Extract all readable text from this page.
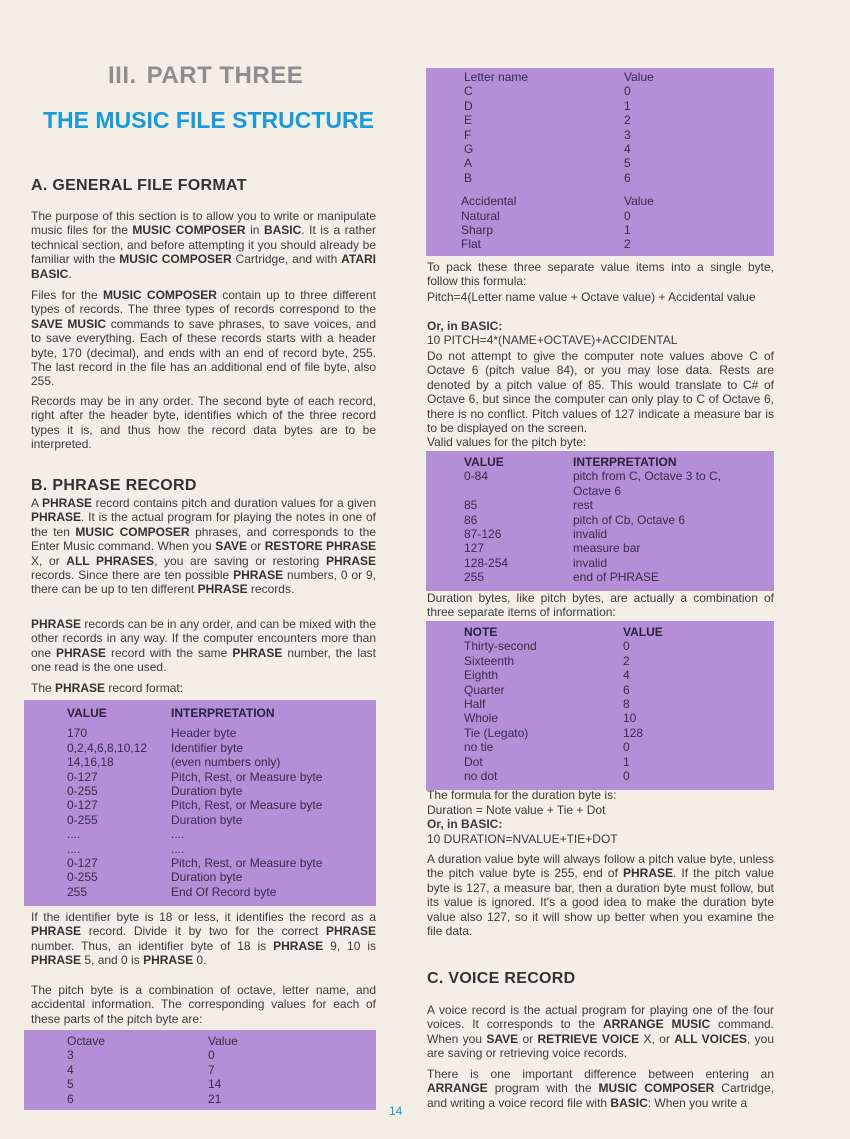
III. PART THREE
THE MUSIC FILE STRUCTURE
A. GENERAL FILE FORMAT

The purpose of this section is to allow you to write or manipulate music files for the MUSIC COMPOSER in BASIC. It is a rather technical section, and before attempting it you should already be familiar with the MUSIC COMPOSER Cartridge, and with ATARI BASIC.

Files for the MUSIC COMPOSER contain up to three different types of records. The three types of records correspond to the SAVE MUSIC commands to save phrases, to save voices, and to save everything. Each of these records starts with a header byte, 170 (decimal), and ends with an end of record byte, 255. The last record in the file has an additional end of file byte, also 255.

Records may be in any order. The second byte of each record, right after the header byte, identifies which of the three record types it is, and thus how the record data bytes are to be interpreted.

B. PHRASE RECORD

A PHRASE record contains pitch and duration values for a given PHRASE. It is the actual program for playing the notes in one of the ten MUSIC COMPOSER phrases, and corresponds to the Enter Music command. When you SAVE or RESTORE PHRASE X, or ALL PHRASES, you are saving or restoring PHRASE records. Since there are ten possible PHRASE numbers, 0 or 9, there can be up to ten different PHRASE records.

PHRASE records can be in any order, and can be mixed with the other records in any way. If the computer encounters more than one PHRASE record with the same PHRASE number, the last one read is the one used.

The PHRASE record format:

VALUE	INTERPRETATION
170	Header byte
0,2,4,6,8,10,12 Identifier byte
14,16,18	(even numbers only)
0-127	Pitch, Rest, or Measure byte
0-255	Duration byte
0-127	Pitch, Rest, or Measure byte
0-255	Duration byte
....	....
....	....
0-127	Pitch, Rest, or Measure byte
0-255	Duration byte
255	End Of Record byte

If the identifier byte is 18 or less, it identifies the record as a PHRASE record. Divide it by two for the correct PHRASE number. Thus, an identifier byte of 18 is PHRASE 9, 10 is PHRASE 5, and 0 is PHRASE 0.

The pitch byte is a combination of octave, letter name, and accidental information. The corresponding values for each of these parts of the pitch byte are:

Octave	Value
3	0
4	7
5	14
6	21
Letter name	Value
C	0
D	1
E	2
F	3
G	4
A	5
B	6
Accidental	Value
Natural	0
Sharp	1
Flat	2

To pack these three separate value items into a single byte, follow this formula:

Pitch=4(Letter name value + Octave value) + Accidental value

Or, in BASIC:
10 PITCH=4*(NAME+OCTAVE)+ACCIDENTAL

Do not attempt to give the computer note values above C of Octave 6 (pitch value 84), or you may lose data. Rests are denoted by a pitch value of 85. This would translate to C# of Octave 6, but since the computer can only play to C of Octave 6, there is no conflict. Pitch values of 127 indicate a measure bar is to be displayed on the screen.

Valid values for the pitch byte:
VALUE	INTERPRETATION
0-84	pitch from C, Octave 3 to C,
Octave 6
85	rest
86	pitch of Cb, Octave 6
87-126	invalid
127	measure bar
128-254	invalid
255	end of PHRASE

Duration bytes, like pitch bytes, are actually a combination of three separate items of information:

NOTE	VALUE
Thirty-second	0
Sixteenth	2
Eighth	4
Quarter	6
Half	8
Whole	10
Tie (Legato)	128
no tie	0
Dot	1
no dot	0
The formula for the duration byte is:
Duration = Note value + Tie + Dot
Or, in BASIC:
10 DURATION=NVALUE+TIE+DOT

A duration value byte will always follow a pitch value byte, unless the pitch value byte is 255, end of PHRASE. If the pitch value byte is 127, a measure bar, then a duration byte must follow, but its value is ignored. It's a good idea to make the duration byte value also 127, so it will show up better when you examine the file data.

C. VOICE RECORD

A voice record is the actual program for playing one of the four voices. It corresponds to the ARRANGE MUSIC command. When you SAVE or RETRIEVE VOICE X, or ALL VOICES, you are saving or retrieving voice records.

There is one important difference between entering an ARRANGE program with the MUSIC COMPOSER Cartridge, and writing a voice record file with BASIC: When you write a

14
